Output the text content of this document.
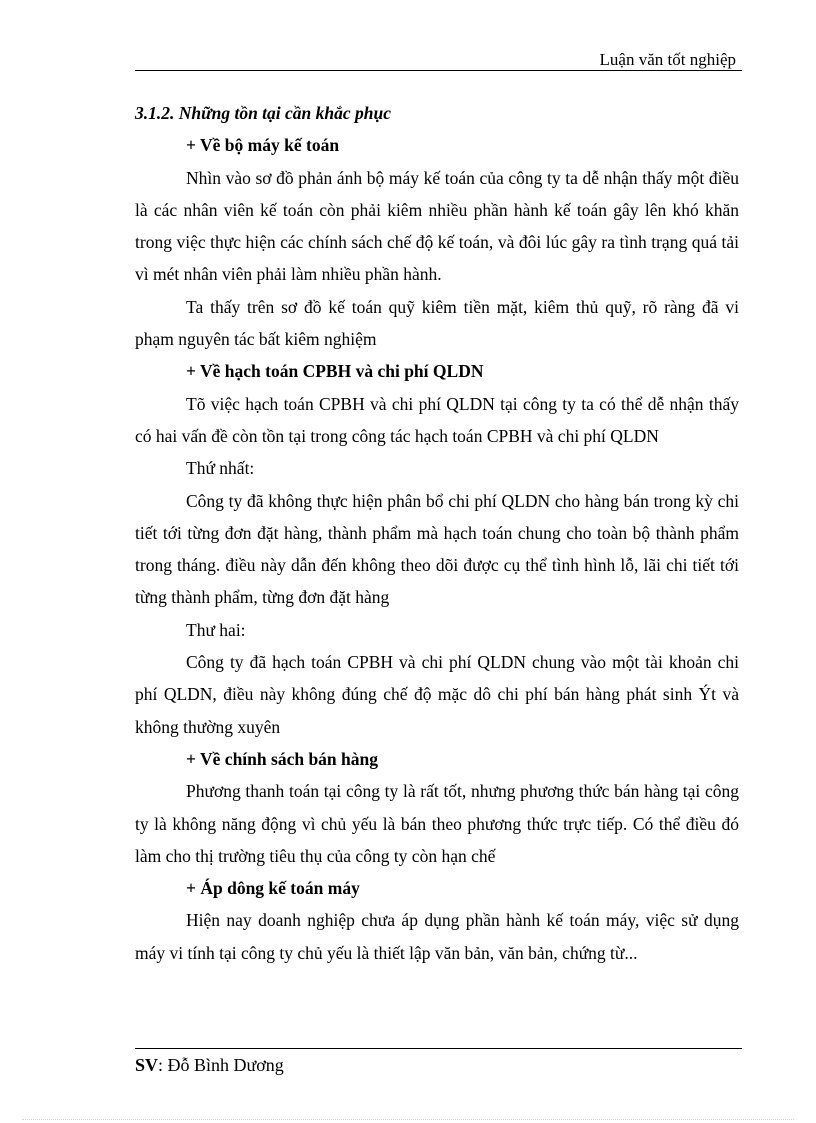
Luận văn tốt nghiệp

3.1.2. Những tồn tại cần khắc phục

+ Về bộ máy kế toán

Nhìn vào sơ đồ phản ánh bộ máy kế toán của công ty ta dễ nhận thấy một điều là các nhân viên kế toán còn phải kiêm nhiều phần hành kế toán gây lên khó khăn trong việc thực hiện các chính sách chế độ kế toán, và đôi lúc gây ra tình trạng quá tải vì mét nhân viên phải làm nhiều phần hành.

Ta thấy trên sơ đồ kế toán quỹ kiêm tiền mặt, kiêm thủ quỹ, rõ ràng đã vi phạm nguyên tác bất kiêm nghiệm

+ Về hạch toán CPBH và chi phí QLDN

Tõ việc hạch toán CPBH và chi phí QLDN tại công ty ta có thể dễ nhận thấy có hai vấn đề còn tồn tại trong công tác hạch toán CPBH và chi phí QLDN

Thứ nhất:

Công ty đã không thực hiện phân bổ chi phí QLDN cho hàng bán trong kỳ chi tiết tới từng đơn đặt hàng, thành phẩm mà hạch toán chung cho toàn bộ thành phẩm trong tháng. điều này dẫn đến không theo dõi được cụ thể tình hình lỗ, lãi chi tiết tới từng thành phẩm, từng đơn đặt hàng

Thư hai:

Công ty đã hạch toán CPBH và chi phí QLDN chung vào một tài khoản chi phí QLDN, điều này không đúng chế độ mặc dô chi phí bán hàng phát sinh Ýt và không thường xuyên

+ Về chính sách bán hàng

Phương thanh toán tại công ty là rất tốt, nhưng phương thức bán hàng tại công ty là không năng động vì chủ yếu là bán theo phương thức trực tiếp. Có thể điều đó làm cho thị trường tiêu thụ của công ty còn hạn chế

+ Áp dông kế toán máy

Hiện nay doanh nghiệp chưa áp dụng phần hành kế toán máy, việc sử dụng máy vi tính tại công ty chủ yếu là thiết lập văn bản, văn bản, chứng từ...

SV: Đỗ Bình Dương
